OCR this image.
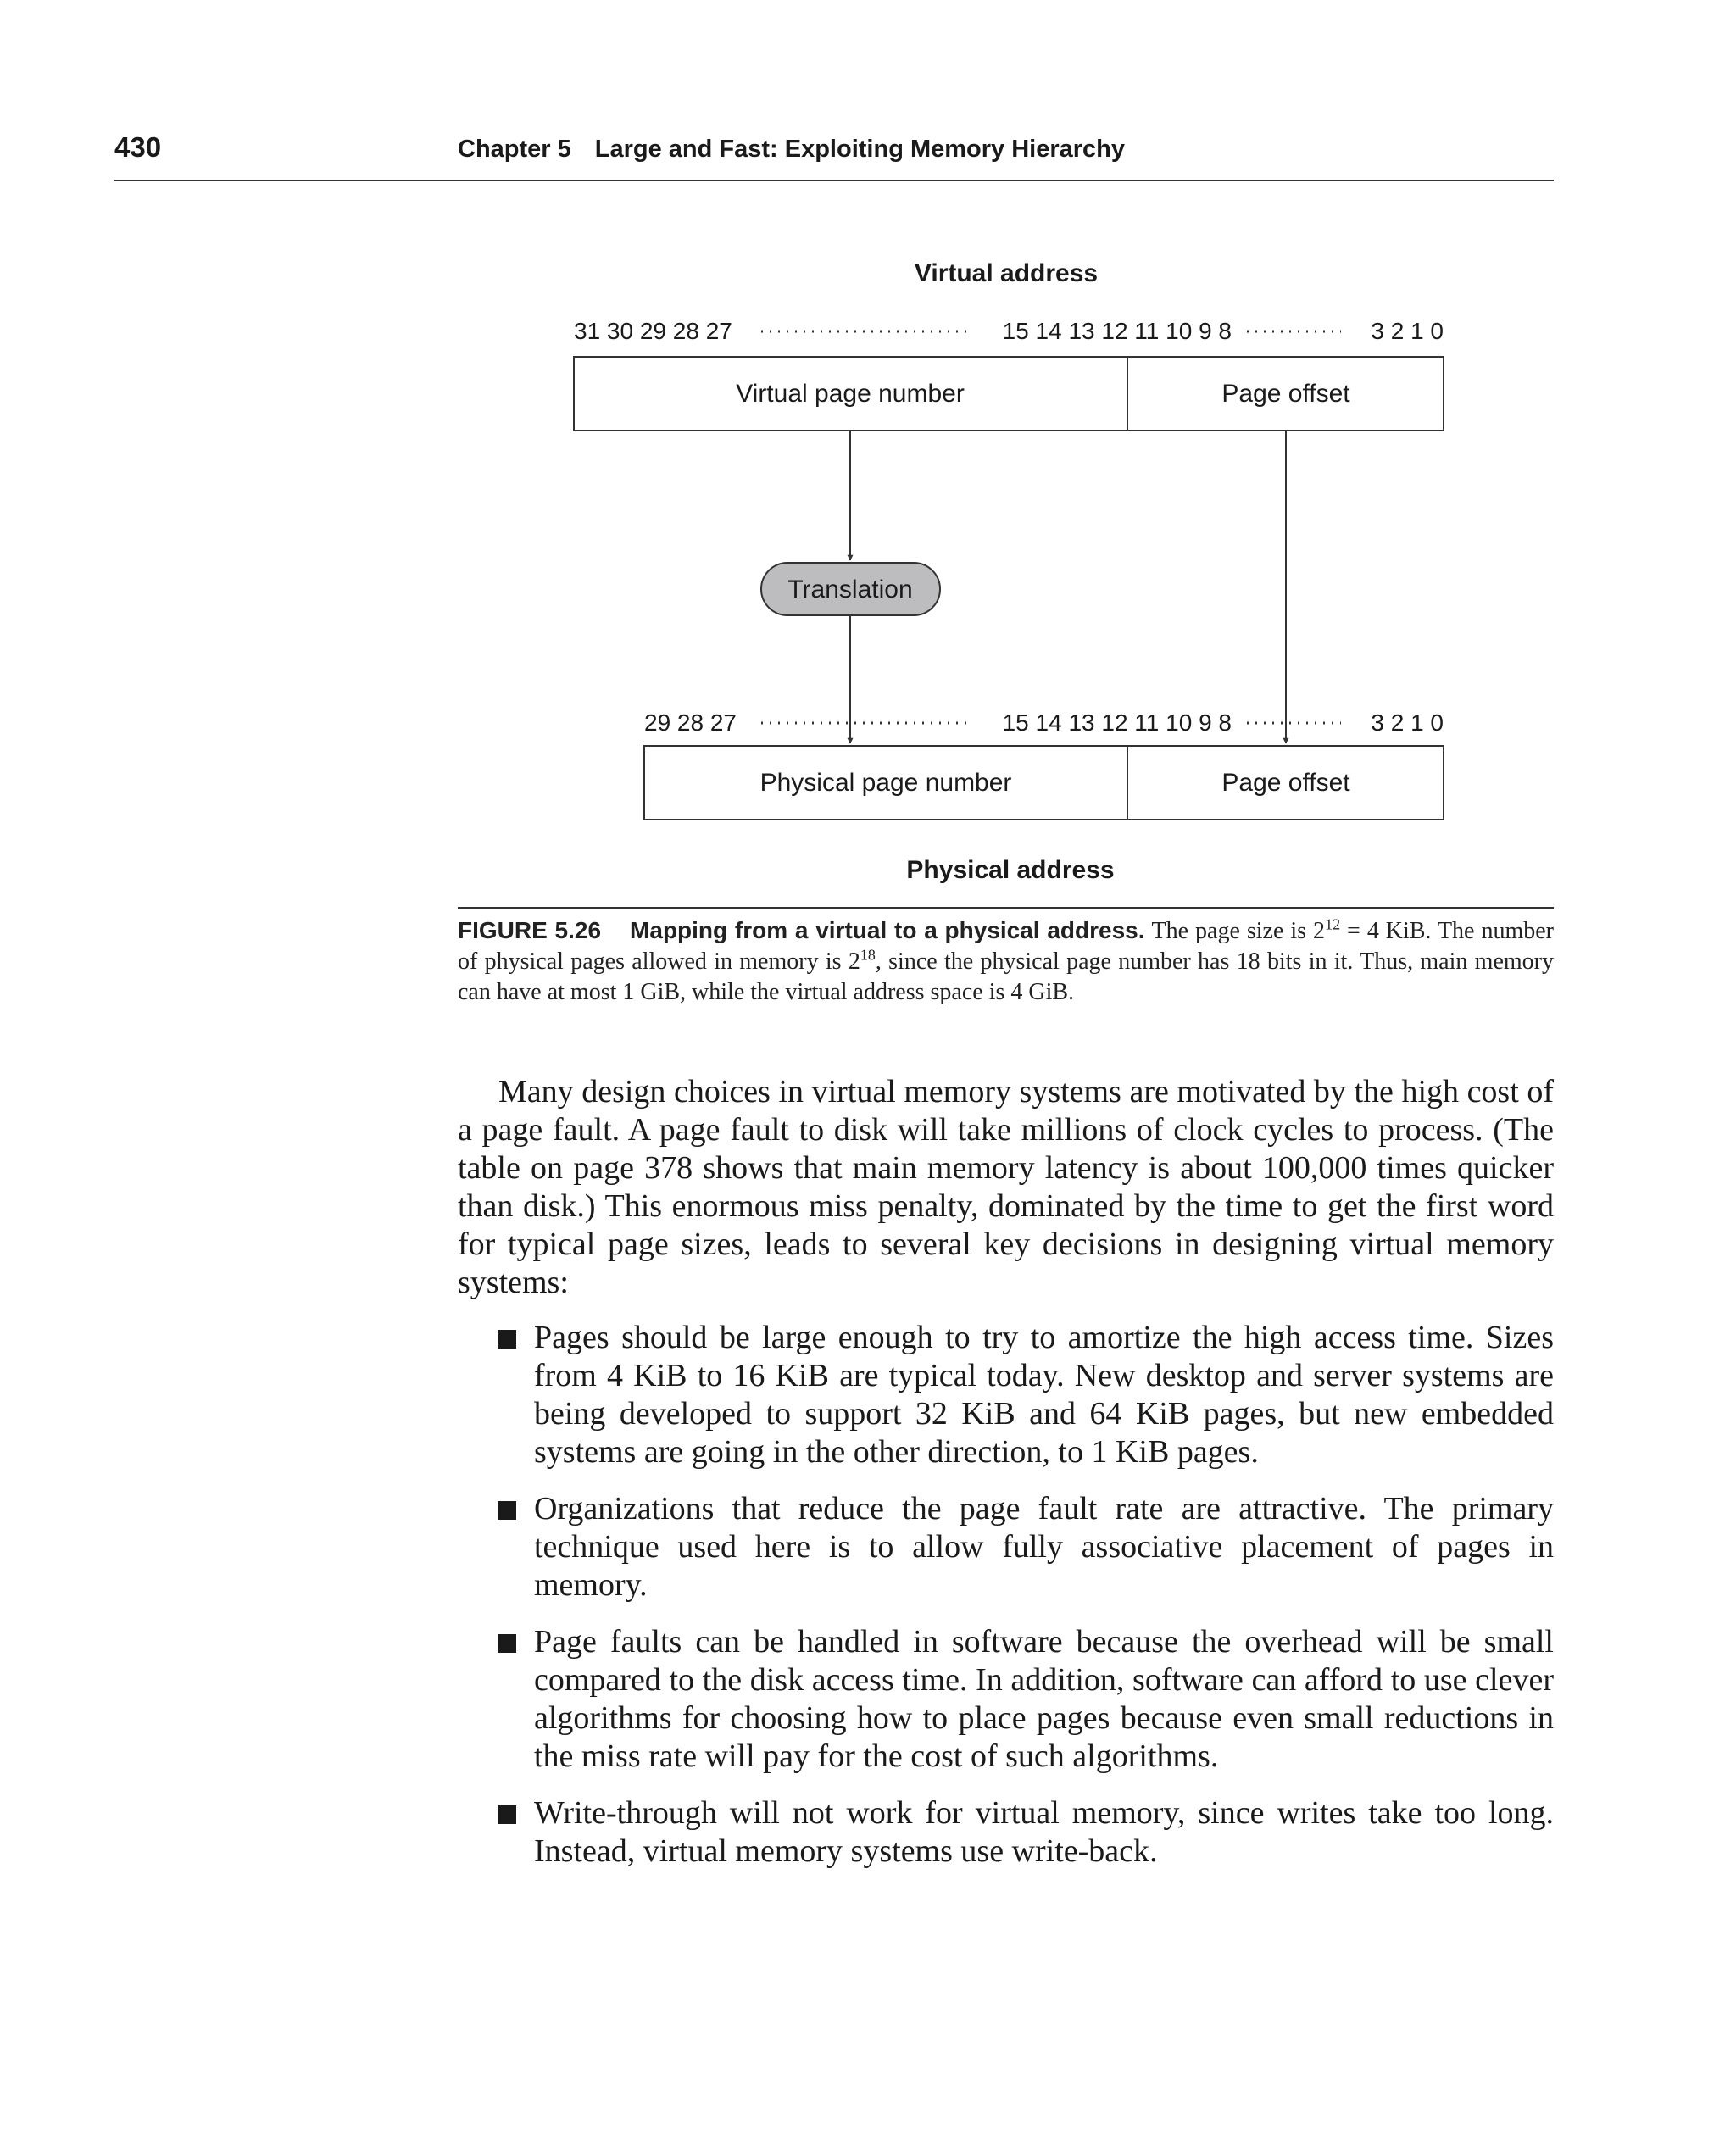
430	Chapter 5 Large and Fast: Exploiting Memory Hierarchy
Virtual address
31 30 29 28 27	15 14 13 12 11 10 9 8	3 2 1 0
Virtual page number	Page offset
Translation
29 28 27	15 14 13 12 11 10 9 8	3 2 1 0
Physical page number	Page offset
Physical address
FIGURE 5.26 Mapping from a virtual to a physical address. The page size is $2^{12} = 4$ KiB. The number of physical pages allowed in memory is $2^{18}$, since the physical page number has 18 bits in it. Thus, main memory can have at most 1 GiB, while the virtual address space is 4 GiB.

Many design choices in virtual memory systems are motivated by the high cost of a page fault. A page fault to disk will take millions of clock cycles to process. (The table on page 378 shows that main memory latency is about 100,000 times quicker than disk.) This enormous miss penalty, dominated by the time to get the first word for typical page sizes, leads to several key decisions in designing virtual memory systems:

Pages should be large enough to try to amortize the high access time. Sizes from 4 KiB to 16 KiB are typical today. New desktop and server systems are being developed to support 32 KiB and 64 KiB pages, but new embedded systems are going in the other direction, to 1 KiB pages.
Organizations that reduce the page fault rate are attractive. The primary technique used here is to allow fully associative placement of pages in memory.
Page faults can be handled in software because the overhead will be small compared to the disk access time. In addition, software can afford to use clever algorithms for choosing how to place pages because even small reductions in the miss rate will pay for the cost of such algorithms.
Write-through will not work for virtual memory, since writes take too long. Instead, virtual memory systems use write-back.
